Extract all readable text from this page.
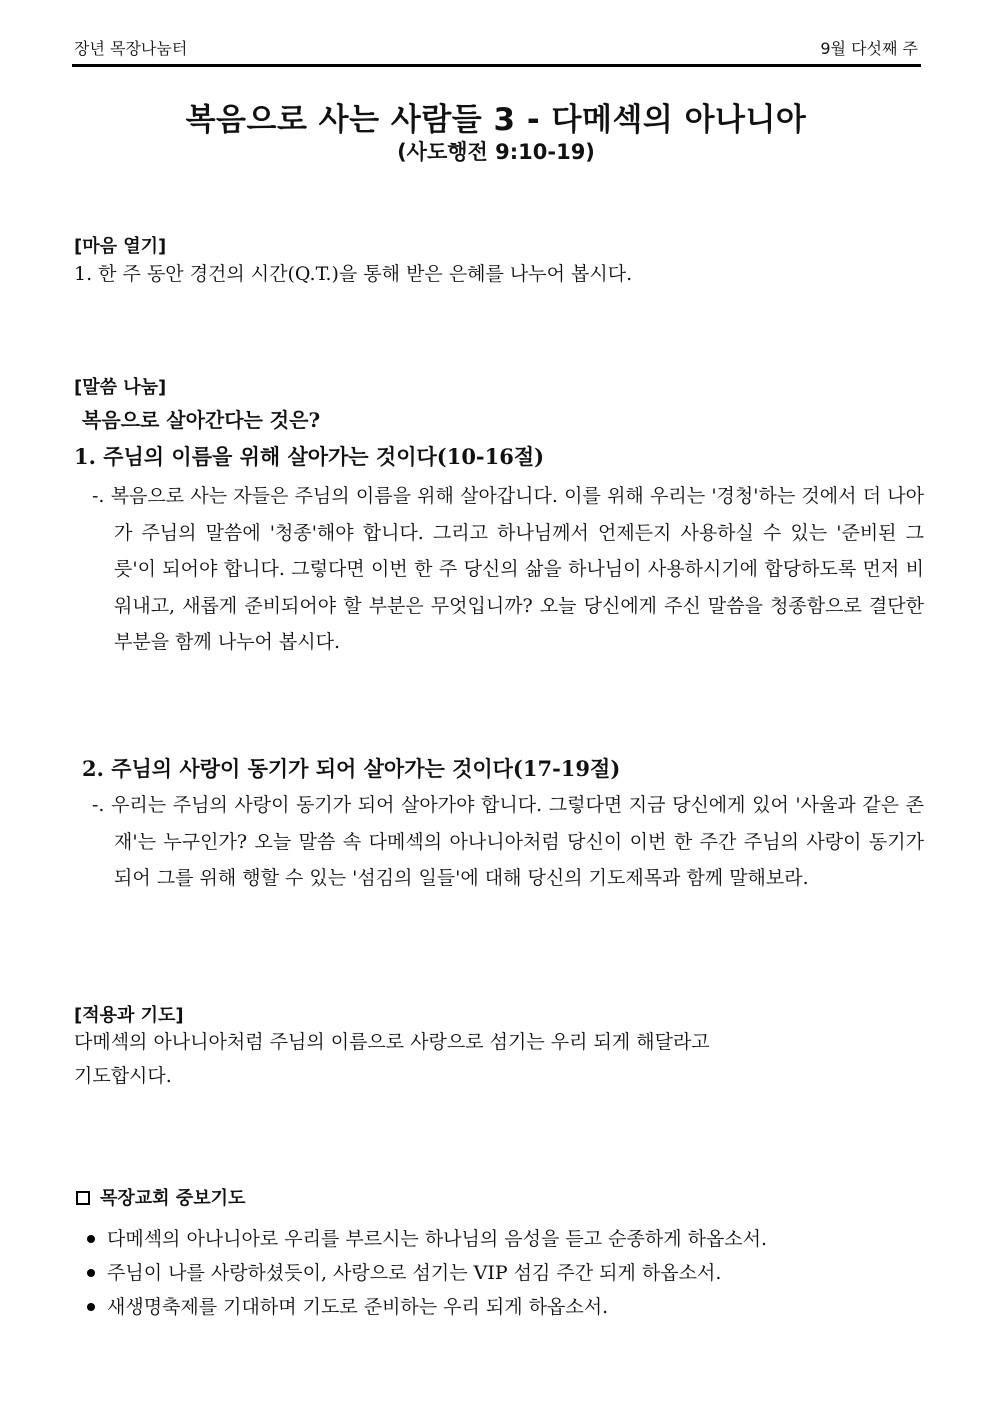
장년 목장나눔터	9월 다섯째 주
복음으로 사는 사람들 3 - 다메섹의 아나니아
(사도행전 9:10-19)
[마음 열기]
1. 한 주 동안 경건의 시간(Q.T.)을 통해 받은 은혜를 나누어 봅시다.
[말씀 나눔]
복음으로 살아간다는 것은?
1. 주님의 이름을 위해 살아가는 것이다(10-16절)
-. 복음으로 사는 자들은 주님의 이름을 위해 살아갑니다. 이를 위해 우리는 '경청'하는 것에서 더 나아가 주님의 말씀에 '청종'해야 합니다. 그리고 하나님께서 언제든지 사용하실 수 있는 '준비된 그릇'이 되어야 합니다. 그렇다면 이번 한 주 당신의 삶을 하나님이 사용하시기에 합당하도록 먼저 비워내고, 새롭게 준비되어야 할 부분은 무엇입니까? 오늘 당신에게 주신 말씀을 청종함으로 결단한 부분을 함께 나누어 봅시다.
2. 주님의 사랑이 동기가 되어 살아가는 것이다(17-19절)
-. 우리는 주님의 사랑이 동기가 되어 살아가야 합니다. 그렇다면 지금 당신에게 있어 '사울과 같은 존재'는 누구인가? 오늘 말씀 속 다메섹의 아나니아처럼 당신이 이번 한 주간 주님의 사랑이 동기가 되어 그를 위해 행할 수 있는 '섬김의 일들'에 대해 당신의 기도제목과 함께 말해보라.
[적용과 기도]
다메섹의 아나니아처럼 주님의 이름으로 사랑으로 섬기는 우리 되게 해달라고
기도합시다.
목장교회 중보기도
다메섹의 아나니아로 우리를 부르시는 하나님의 음성을 듣고 순종하게 하옵소서.
주님이 나를 사랑하셨듯이, 사랑으로 섬기는 VIP 섬김 주간 되게 하옵소서.
새생명축제를 기대하며 기도로 준비하는 우리 되게 하옵소서.
